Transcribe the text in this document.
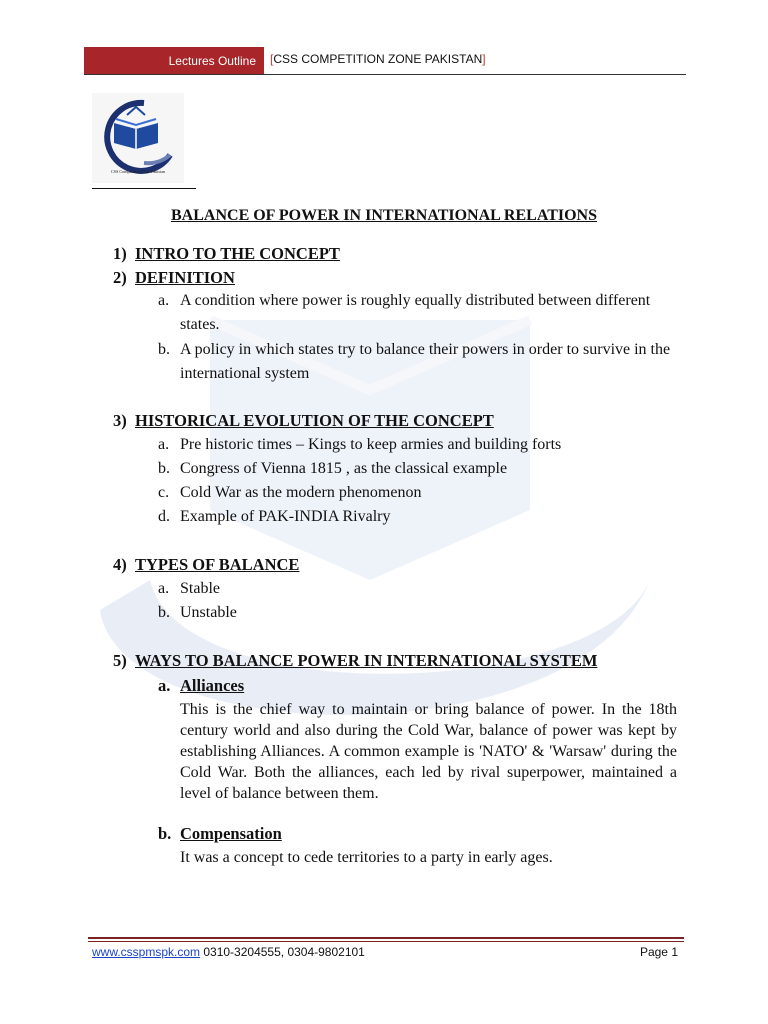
Lectures Outline	[CSS COMPETITION ZONE PAKISTAN]
CSS Competition Zone Pakistan
BALANCE OF POWER IN INTERNATIONAL RELATIONS
1) INTRO TO THE CONCEPT
2) DEFINITION
a. A condition where power is roughly equally distributed between different states.
b. A policy in which states try to balance their powers in order to survive in the international system
3) HISTORICAL EVOLUTION OF THE CONCEPT
a. Pre historic times – Kings to keep armies and building forts
b. Congress of Vienna 1815 , as the classical example
c. Cold War as the modern phenomenon
d. Example of PAK-INDIA Rivalry
4) TYPES OF BALANCE
a. Stable
b. Unstable
5) WAYS TO BALANCE POWER IN INTERNATIONAL SYSTEM
a. Alliances
This is the chief way to maintain or bring balance of power. In the 18th century world and also during the Cold War, balance of power was kept by establishing Alliances. A common example is 'NATO' & 'Warsaw' during the Cold War. Both the alliances, each led by rival superpower, maintained a level of balance between them.
b. Compensation
It was a concept to cede territories to a party in early ages.
www.csspmspk.com 0310-3204555, 0304-9802101	Page 1
